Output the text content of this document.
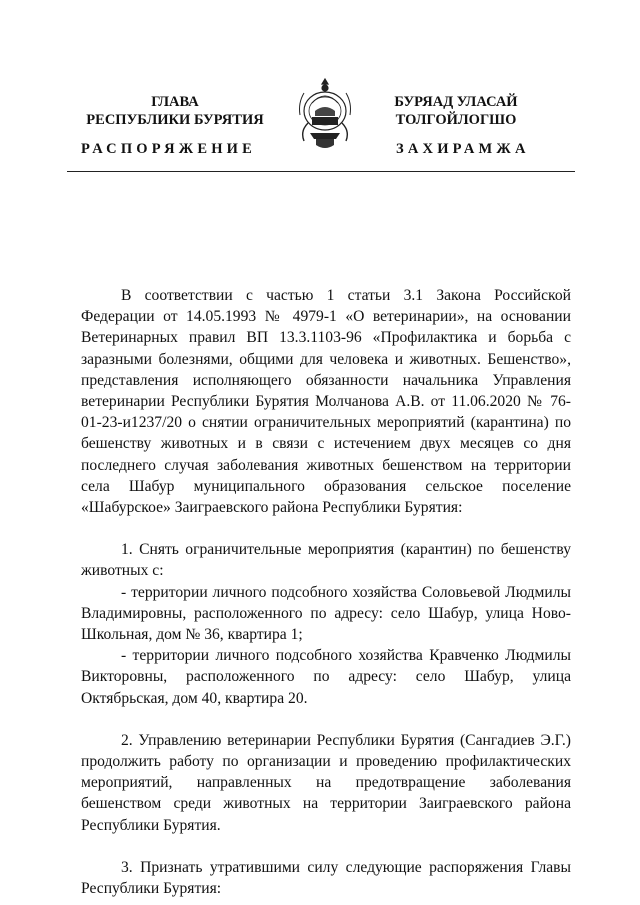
ГЛАВА
РЕСПУБЛИКИ БУРЯТИЯ
БУРЯАД УЛАСАЙ
ТОЛГОЙЛОГШО
РАСПОРЯЖЕНИЕ	ЗАХИРАМЖА

В соответствии с частью 1 статьи 3.1 Закона Российской Федерации от 14.05.1993 № 4979-1 «О ветеринарии», на основании Ветеринарных правил ВП 13.3.1103-96 «Профилактика и борьба с заразными болезнями, общими для человека и животных. Бешенство», представления исполняющего обязанности начальника Управления ветеринарии Республики Бурятия Молчанова А.В. от 11.06.2020 № 76-01-23-и1237/20 о снятии ограничительных мероприятий (карантина) по бешенству животных и в связи с истечением двух месяцев со дня последнего случая заболевания животных бешенством на территории села Шабур муниципального образования сельское поселение «Шабурское» Заиграевского района Республики Бурятия:

1. Снять ограничительные мероприятия (карантин) по бешенству животных с:

- территории личного подсобного хозяйства Соловьевой Людмилы Владимировны, расположенного по адресу: село Шабур, улица Ново-Школьная, дом № 36, квартира 1;

- территории личного подсобного хозяйства Кравченко Людмилы Викторовны, расположенного по адресу: село Шабур, улица Октябрьская, дом 40, квартира 20.

2. Управлению ветеринарии Республики Бурятия (Сангадиев Э.Г.) продолжить работу по организации и проведению профилактических мероприятий, направленных на предотвращение заболевания бешенством среди животных на территории Заиграевского района Республики Бурятия.

3. Признать утратившими силу следующие распоряжения Главы Республики Бурятия:
